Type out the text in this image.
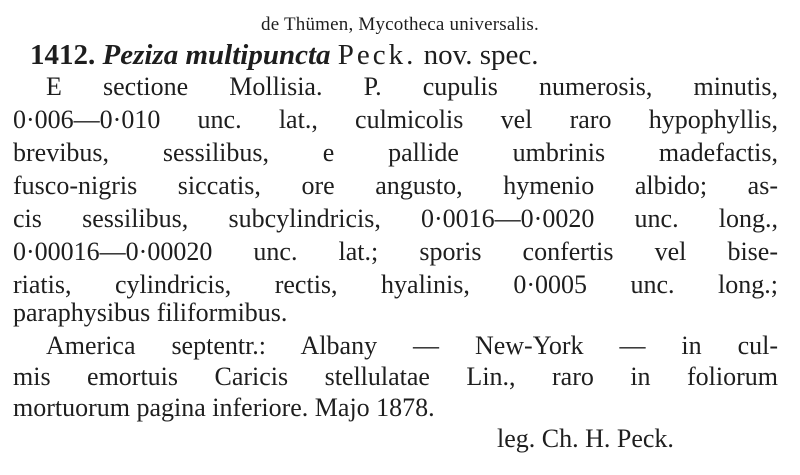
de Thümen, Mycotheca universalis.
1412. Peziza multipuncta Peck. nov. spec.
E sectione Mollisia. P. cupulis numerosis, minutis,
0·006—0·010 unc. lat., culmicolis vel raro hypophyllis,
brevibus, sessilibus, e pallide umbrinis madefactis,
fusco-nigris siccatis, ore angusto, hymenio albido; as-
cis sessilibus, subcylindricis, 0·0016—0·0020 unc. long.,
0·00016—0·00020 unc. lat.; sporis confertis vel bise-
riatis, cylindricis, rectis, hyalinis, 0·0005 unc. long.;
paraphysibus filiformibus.
America septentr.: Albany — New-York — in cul-
mis emortuis Caricis stellulatae Lin., raro in foliorum
mortuorum pagina inferiore. Majo 1878.
leg. Ch. H. Peck.
